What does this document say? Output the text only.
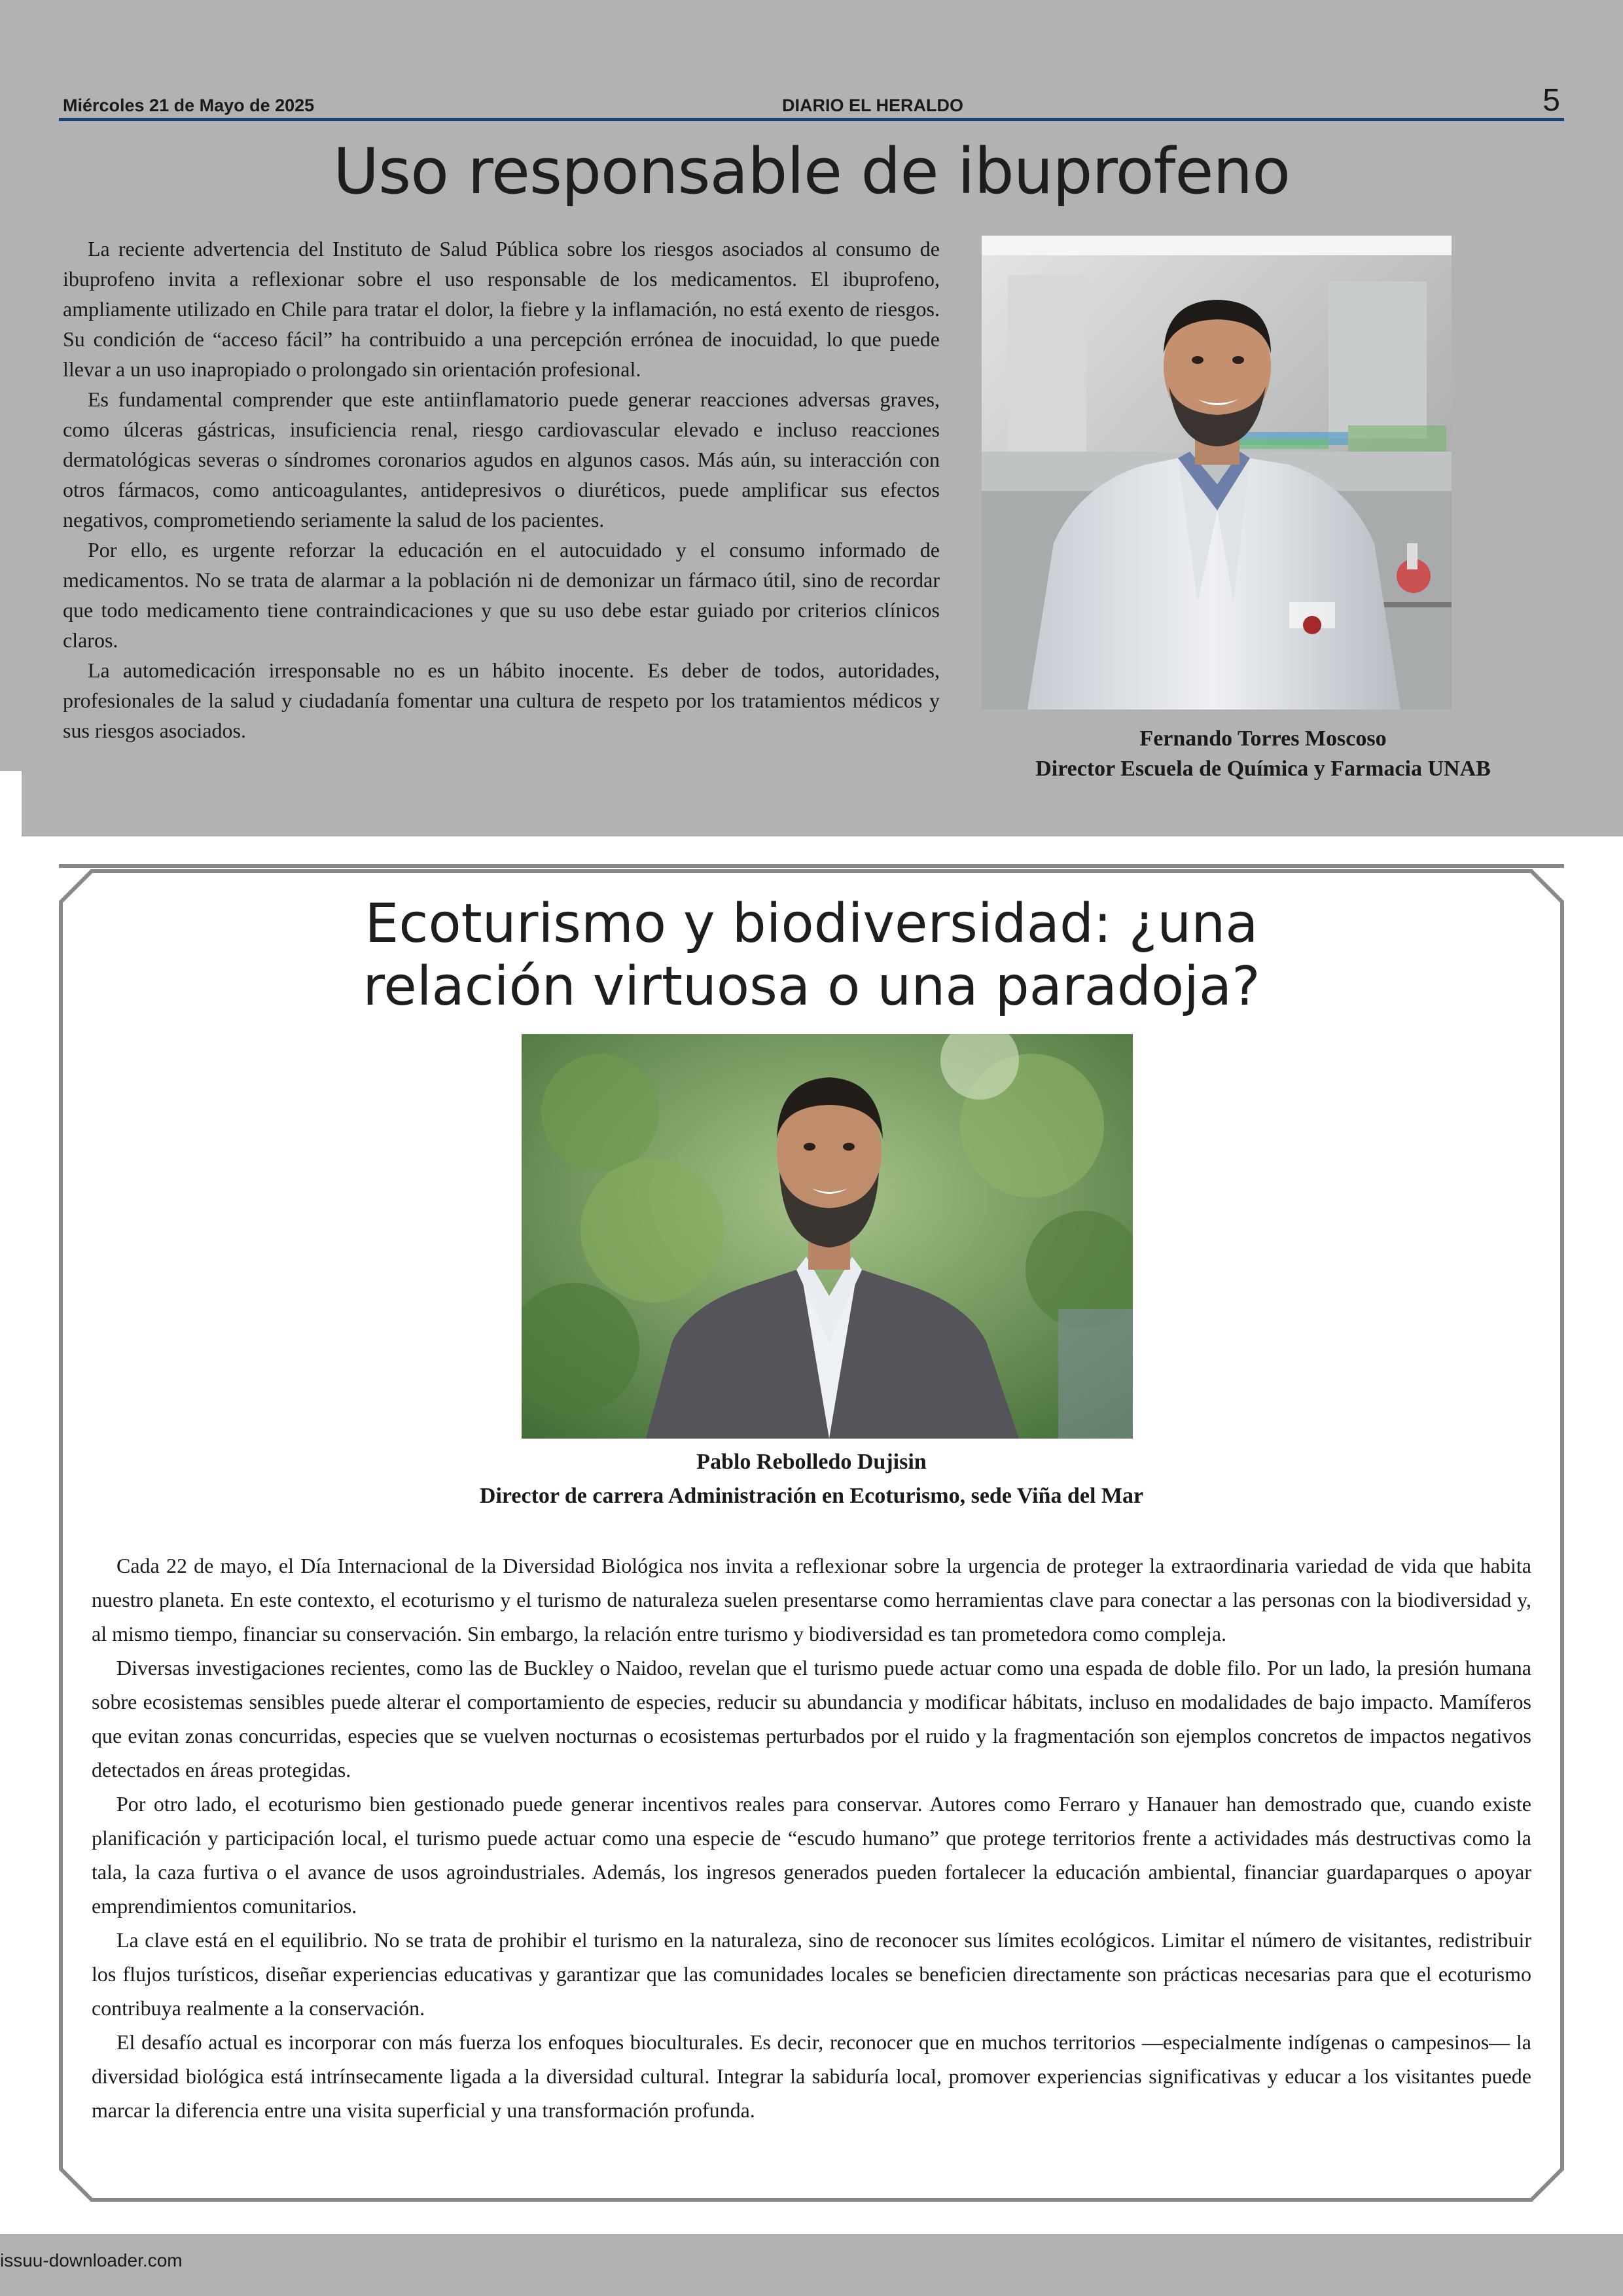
Miércoles 21 de Mayo de 2025	DIARIO EL HERALDO	5
Uso responsable de ibuprofeno

La reciente advertencia del Instituto de Salud Pública sobre los riesgos asociados al consumo de ibuprofeno invita a reflexionar sobre el uso responsable de los medicamentos. El ibuprofeno, ampliamente utilizado en Chile para tratar el dolor, la fiebre y la inflamación, no está exento de riesgos. Su condición de “acceso fácil” ha contribuido a una percepción errónea de inocuidad, lo que puede llevar a un uso inapropiado o prolongado sin orientación profesional.

Es fundamental comprender que este antiinflamatorio puede generar reacciones adversas graves, como úlceras gástricas, insuficiencia renal, riesgo cardiovascular elevado e incluso reacciones dermatológicas severas o síndromes coronarios agudos en algunos casos. Más aún, su interacción con otros fármacos, como anticoagulantes, antidepresivos o diuréticos, puede amplificar sus efectos negativos, comprometiendo seriamente la salud de los pacientes.

Por ello, es urgente reforzar la educación en el autocuidado y el consumo informado de medicamentos. No se trata de alarmar a la población ni de demonizar un fármaco útil, sino de recordar que todo medicamento tiene contraindicaciones y que su uso debe estar guiado por criterios clínicos claros.

La automedicación irresponsable no es un hábito inocente. Es deber de todos, autoridades, profesionales de la salud y ciudadanía fomentar una cultura de respeto por los tratamientos médicos y sus riesgos asociados.	Fernando Torres Moscoso
Director Escuela de Química y Farmacia UNAB
Ecoturismo y biodiversidad: ¿una
relación virtuosa o una paradoja?
Pablo Rebolledo Dujisin
Director de carrera Administración en Ecoturismo, sede Viña del Mar

Cada 22 de mayo, el Día Internacional de la Diversidad Biológica nos invita a reflexionar sobre la urgencia de proteger la extraordinaria variedad de vida que habita nuestro planeta. En este contexto, el ecoturismo y el turismo de naturaleza suelen presentarse como herramientas clave para conectar a las personas con la biodiversidad y, al mismo tiempo, financiar su conservación. Sin embargo, la relación entre turismo y biodiversidad es tan prometedora como compleja.

Diversas investigaciones recientes, como las de Buckley o Naidoo, revelan que el turismo puede actuar como una espada de doble filo. Por un lado, la presión humana sobre ecosistemas sensibles puede alterar el comportamiento de especies, reducir su abundancia y modificar hábitats, incluso en modalidades de bajo impacto. Mamíferos que evitan zonas concurridas, especies que se vuelven nocturnas o ecosistemas perturbados por el ruido y la fragmentación son ejemplos concretos de impactos negativos detectados en áreas protegidas.

Por otro lado, el ecoturismo bien gestionado puede generar incentivos reales para conservar. Autores como Ferraro y Hanauer han demostrado que, cuando existe planificación y participación local, el turismo puede actuar como una especie de “escudo humano” que protege territorios frente a actividades más destructivas como la tala, la caza furtiva o el avance de usos agroindustriales. Además, los ingresos generados pueden fortalecer la educación ambiental, financiar guardaparques o apoyar emprendimientos comunitarios.

La clave está en el equilibrio. No se trata de prohibir el turismo en la naturaleza, sino de reconocer sus límites ecológicos. Limitar el número de visitantes, redistribuir los flujos turísticos, diseñar experiencias educativas y garantizar que las comunidades locales se beneficien directamente son prácticas necesarias para que el ecoturismo contribuya realmente a la conservación.

El desafío actual es incorporar con más fuerza los enfoques bioculturales. Es decir, reconocer que en muchos territorios —especialmente indígenas o campesinos— la diversidad biológica está intrínsecamente ligada a la diversidad cultural. Integrar la sabiduría local, promover experiencias significativas y educar a los visitantes puede marcar la diferencia entre una visita superficial y una transformación profunda.

issuu-downloader.com
